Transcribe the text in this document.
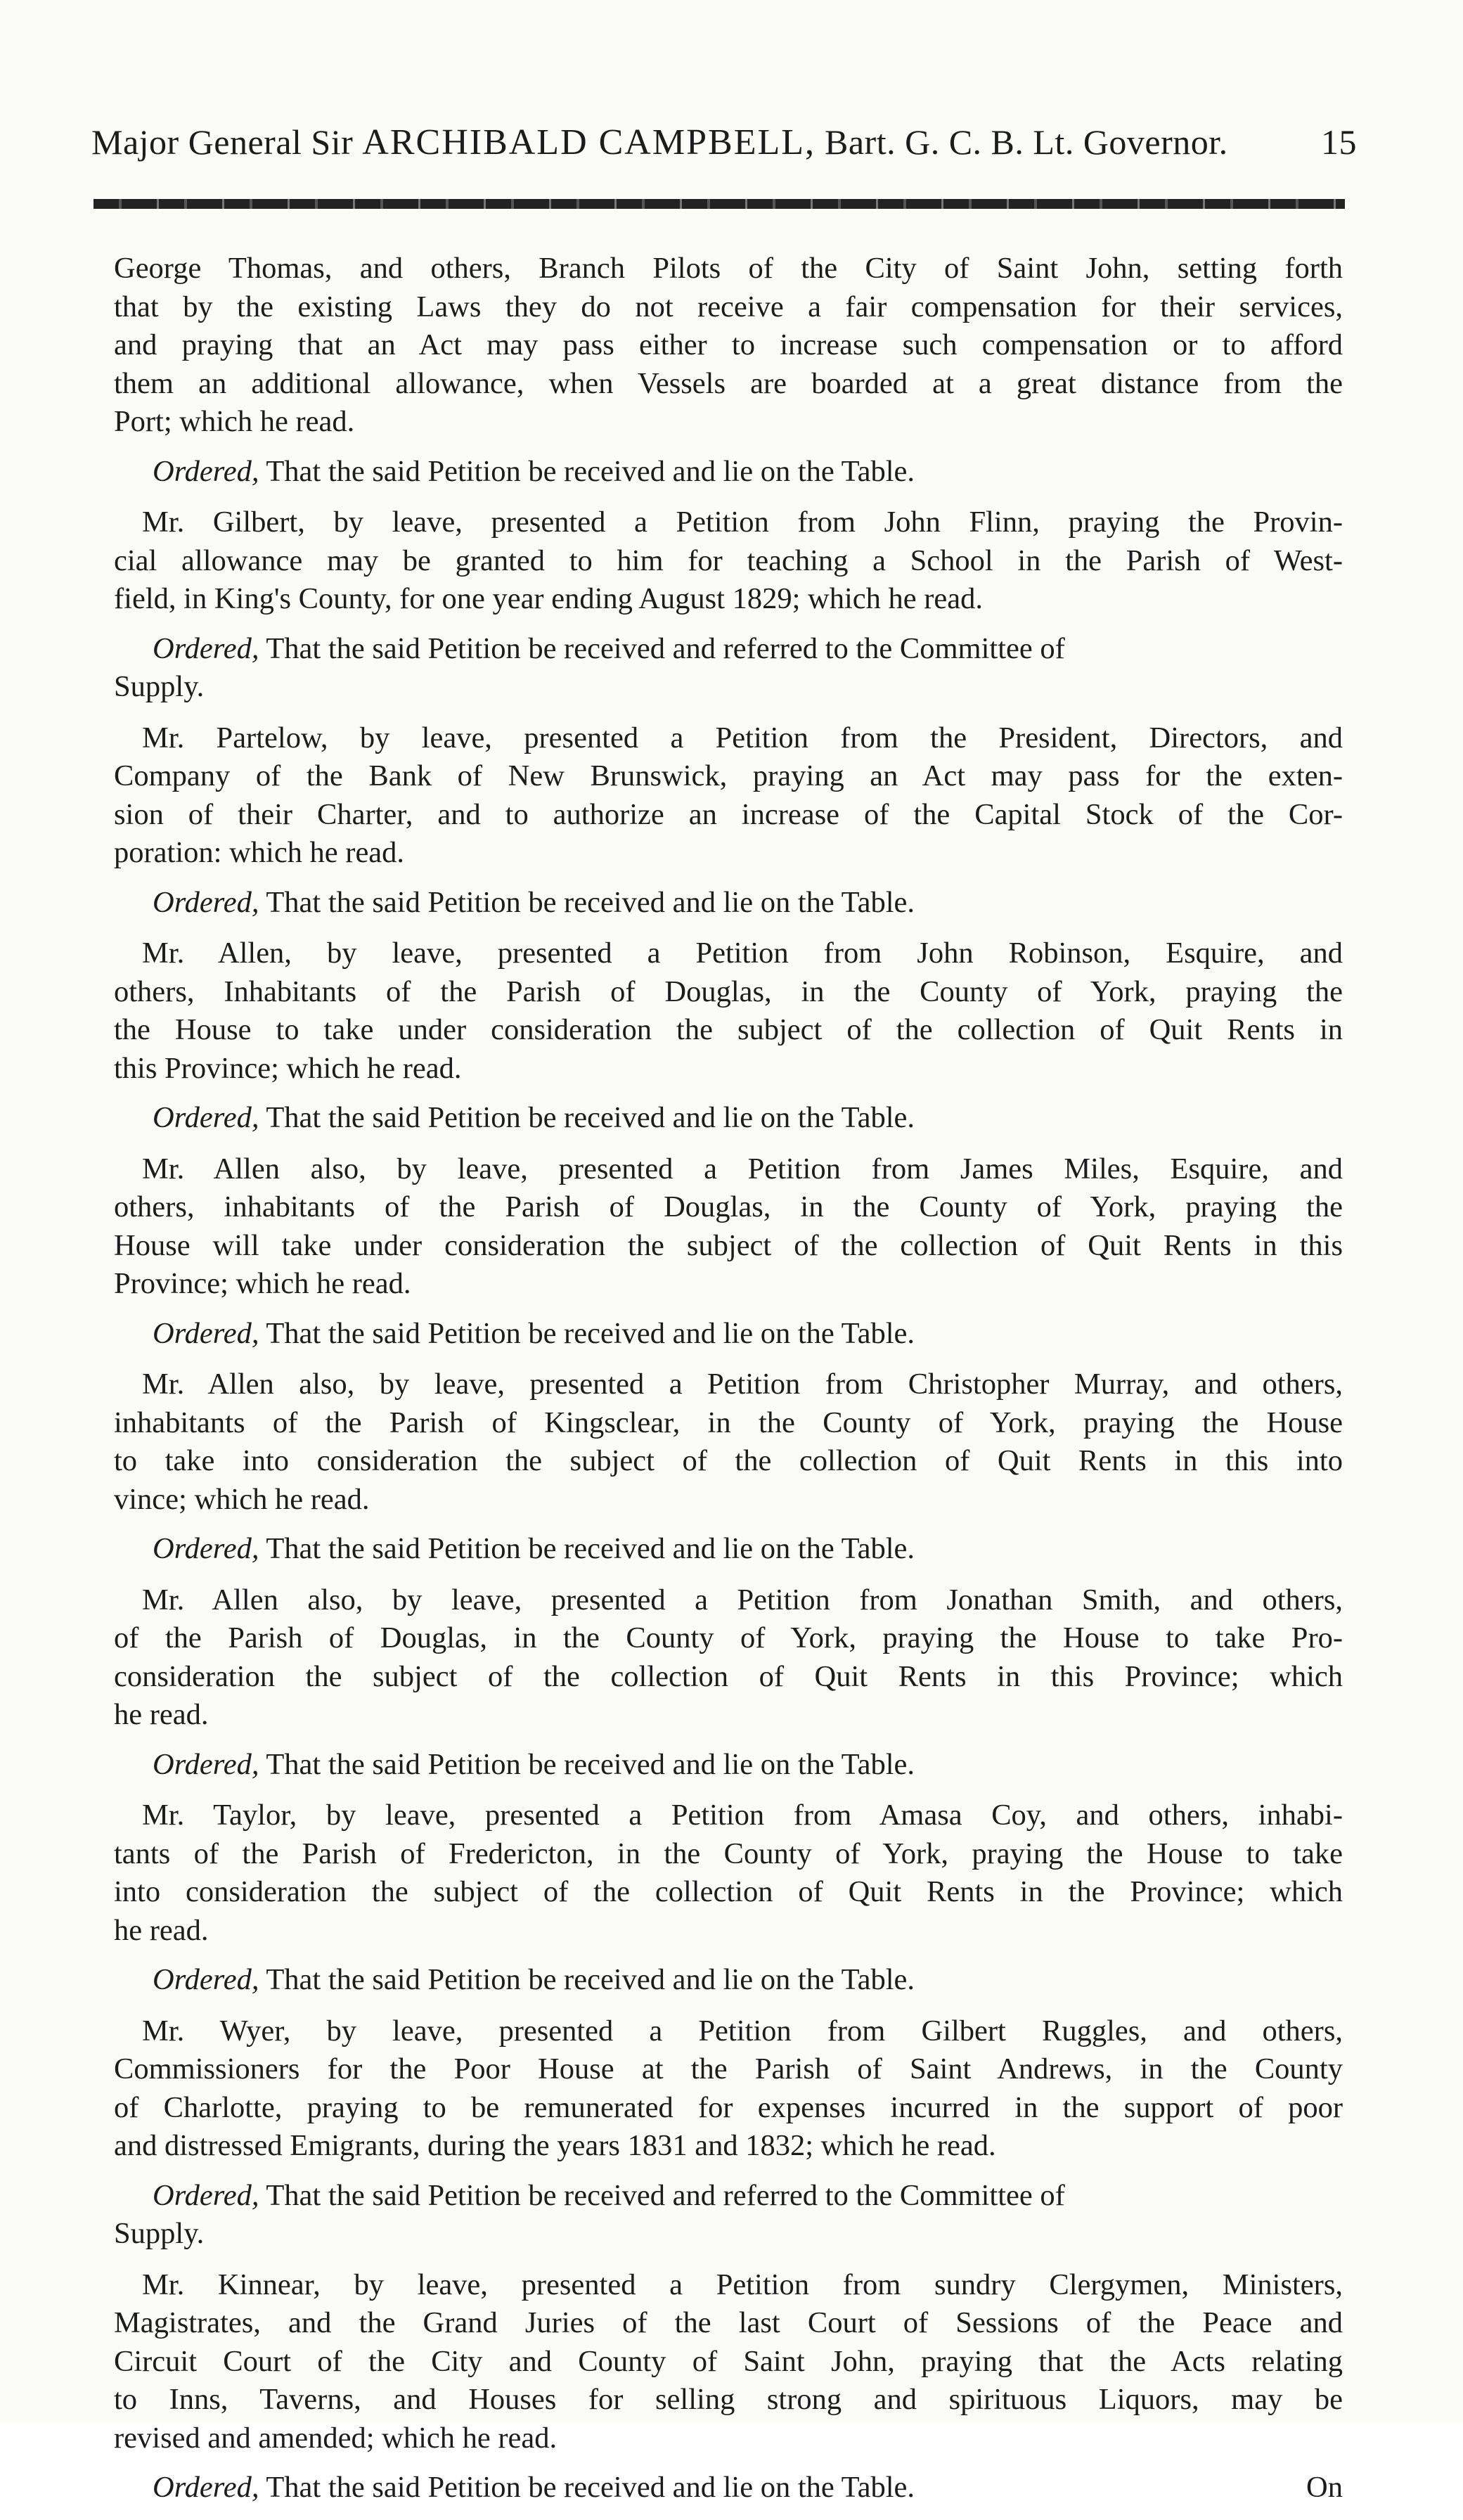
Major General Sir ARCHIBALD CAMPBELL, Bart. G. C. B. Lt. Governor.	15
George Thomas, and others, Branch Pilots of the City of Saint John, setting forth
that by the existing Laws they do not receive a fair compensation for their services,
and praying that an Act may pass either to increase such compensation or to afford
them an additional allowance, when Vessels are boarded at a great distance from the
Port; which he read.
Ordered, That the said Petition be received and lie on the Table.
Mr. Gilbert, by leave, presented a Petition from John Flinn, praying the Provin-
cial allowance may be granted to him for teaching a School in the Parish of West-
field, in King's County, for one year ending August 1829; which he read.
Ordered, That the said Petition be received and referred to the Committee of
Supply.
Mr. Partelow, by leave, presented a Petition from the President, Directors, and
Company of the Bank of New Brunswick, praying an Act may pass for the exten-
sion of their Charter, and to authorize an increase of the Capital Stock of the Cor-
poration: which he read.
Ordered, That the said Petition be received and lie on the Table.
Mr. Allen, by leave, presented a Petition from John Robinson, Esquire, and
others, Inhabitants of the Parish of Douglas, in the County of York, praying the
the House to take under consideration the subject of the collection of Quit Rents in
this Province; which he read.
Ordered, That the said Petition be received and lie on the Table.
Mr. Allen also, by leave, presented a Petition from James Miles, Esquire, and
others, inhabitants of the Parish of Douglas, in the County of York, praying the
House will take under consideration the subject of the collection of Quit Rents in this
Province; which he read.
Ordered, That the said Petition be received and lie on the Table.
Mr. Allen also, by leave, presented a Petition from Christopher Murray, and others,
inhabitants of the Parish of Kingsclear, in the County of York, praying the House
to take into consideration the subject of the collection of Quit Rents in this into
vince; which he read.
Ordered, That the said Petition be received and lie on the Table.
Mr. Allen also, by leave, presented a Petition from Jonathan Smith, and others,
of the Parish of Douglas, in the County of York, praying the House to take Pro-
consideration the subject of the collection of Quit Rents in this Province; which
he read.
Ordered, That the said Petition be received and lie on the Table.
Mr. Taylor, by leave, presented a Petition from Amasa Coy, and others, inhabi-
tants of the Parish of Fredericton, in the County of York, praying the House to take
into consideration the subject of the collection of Quit Rents in the Province; which
he read.
Ordered, That the said Petition be received and lie on the Table.
Mr. Wyer, by leave, presented a Petition from Gilbert Ruggles, and others,
Commissioners for the Poor House at the Parish of Saint Andrews, in the County
of Charlotte, praying to be remunerated for expenses incurred in the support of poor
and distressed Emigrants, during the years 1831 and 1832; which he read.
Ordered, That the said Petition be received and referred to the Committee of
Supply.
Mr. Kinnear, by leave, presented a Petition from sundry Clergymen, Ministers,
Magistrates, and the Grand Juries of the last Court of Sessions of the Peace and
Circuit Court of the City and County of Saint John, praying that the Acts relating
to Inns, Taverns, and Houses for selling strong and spirituous Liquors, may be
revised and amended; which he read.
Ordered, That the said Petition be received and lie on the Table.	On
